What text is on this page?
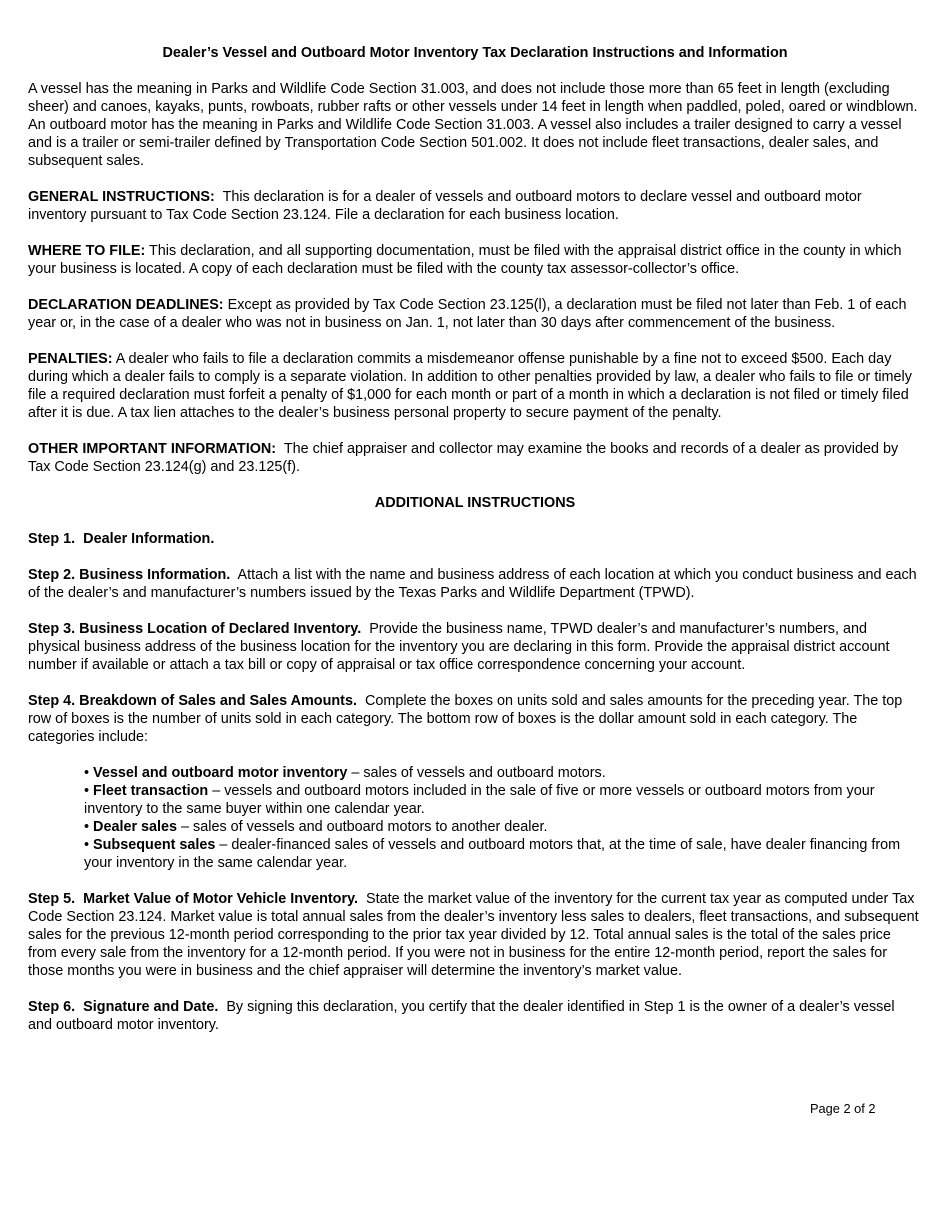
Dealer’s Vessel and Outboard Motor Inventory Tax Declaration Instructions and Information

A vessel has the meaning in Parks and Wildlife Code Section 31.003, and does not include those more than 65 feet in length (excluding sheer) and canoes, kayaks, punts, rowboats, rubber rafts or other vessels under 14 feet in length when paddled, poled, oared or windblown. An outboard motor has the meaning in Parks and Wildlife Code Section 31.003. A vessel also includes a trailer designed to carry a vessel and is a trailer or semi-trailer defined by Transportation Code Section 501.002. It does not include fleet transactions, dealer sales, and subsequent sales.

GENERAL INSTRUCTIONS:  This declaration is for a dealer of vessels and outboard motors to declare vessel and outboard motor inventory pursuant to Tax Code Section 23.124. File a declaration for each business location.

WHERE TO FILE: This declaration, and all supporting documentation, must be filed with the appraisal district office in the county in which your business is located. A copy of each declaration must be filed with the county tax assessor-collector’s office.

DECLARATION DEADLINES: Except as provided by Tax Code Section 23.125(l), a declaration must be filed not later than Feb. 1 of each year or, in the case of a dealer who was not in business on Jan. 1, not later than 30 days after commencement of the business.

PENALTIES: A dealer who fails to file a declaration commits a misdemeanor offense punishable by a fine not to exceed $500. Each day during which a dealer fails to comply is a separate violation. In addition to other penalties provided by law, a dealer who fails to file or timely file a required declaration must forfeit a penalty of $1,000 for each month or part of a month in which a declaration is not filed or timely filed after it is due. A tax lien attaches to the dealer’s business personal property to secure payment of the penalty.

OTHER IMPORTANT INFORMATION:  The chief appraiser and collector may examine the books and records of a dealer as provided by Tax Code Section 23.124(g) and 23.125(f).

ADDITIONAL INSTRUCTIONS

Step 1.  Dealer Information.

Step 2. Business Information.  Attach a list with the name and business address of each location at which you conduct business and each of the dealer’s and manufacturer’s numbers issued by the Texas Parks and Wildlife Department (TPWD).

Step 3. Business Location of Declared Inventory.  Provide the business name, TPWD dealer’s and manufacturer’s numbers, and physical business address of the business location for the inventory you are declaring in this form. Provide the appraisal district account number if available or attach a tax bill or copy of appraisal or tax office correspondence concerning your account.

Step 4. Breakdown of Sales and Sales Amounts.  Complete the boxes on units sold and sales amounts for the preceding year. The top row of boxes is the number of units sold in each category. The bottom row of boxes is the dollar amount sold in each category. The categories include:

• Vessel and outboard motor inventory – sales of vessels and outboard motors.
• Fleet transaction – vessels and outboard motors included in the sale of five or more vessels or outboard motors from your inventory to the same buyer within one calendar year.
• Dealer sales – sales of vessels and outboard motors to another dealer.
• Subsequent sales – dealer-financed sales of vessels and outboard motors that, at the time of sale, have dealer financing from your inventory in the same calendar year.

Step 5.  Market Value of Motor Vehicle Inventory.  State the market value of the inventory for the current tax year as computed under Tax Code Section 23.124. Market value is total annual sales from the dealer’s inventory less sales to dealers, fleet transactions, and subsequent sales for the previous 12-month period corresponding to the prior tax year divided by 12. Total annual sales is the total of the sales price from every sale from the inventory for a 12-month period. If you were not in business for the entire 12-month period, report the sales for those months you were in business and the chief appraiser will determine the inventory’s market value.

Step 6.  Signature and Date.  By signing this declaration, you certify that the dealer identified in Step 1 is the owner of a dealer’s vessel and outboard motor inventory.

Page 2 of 2
